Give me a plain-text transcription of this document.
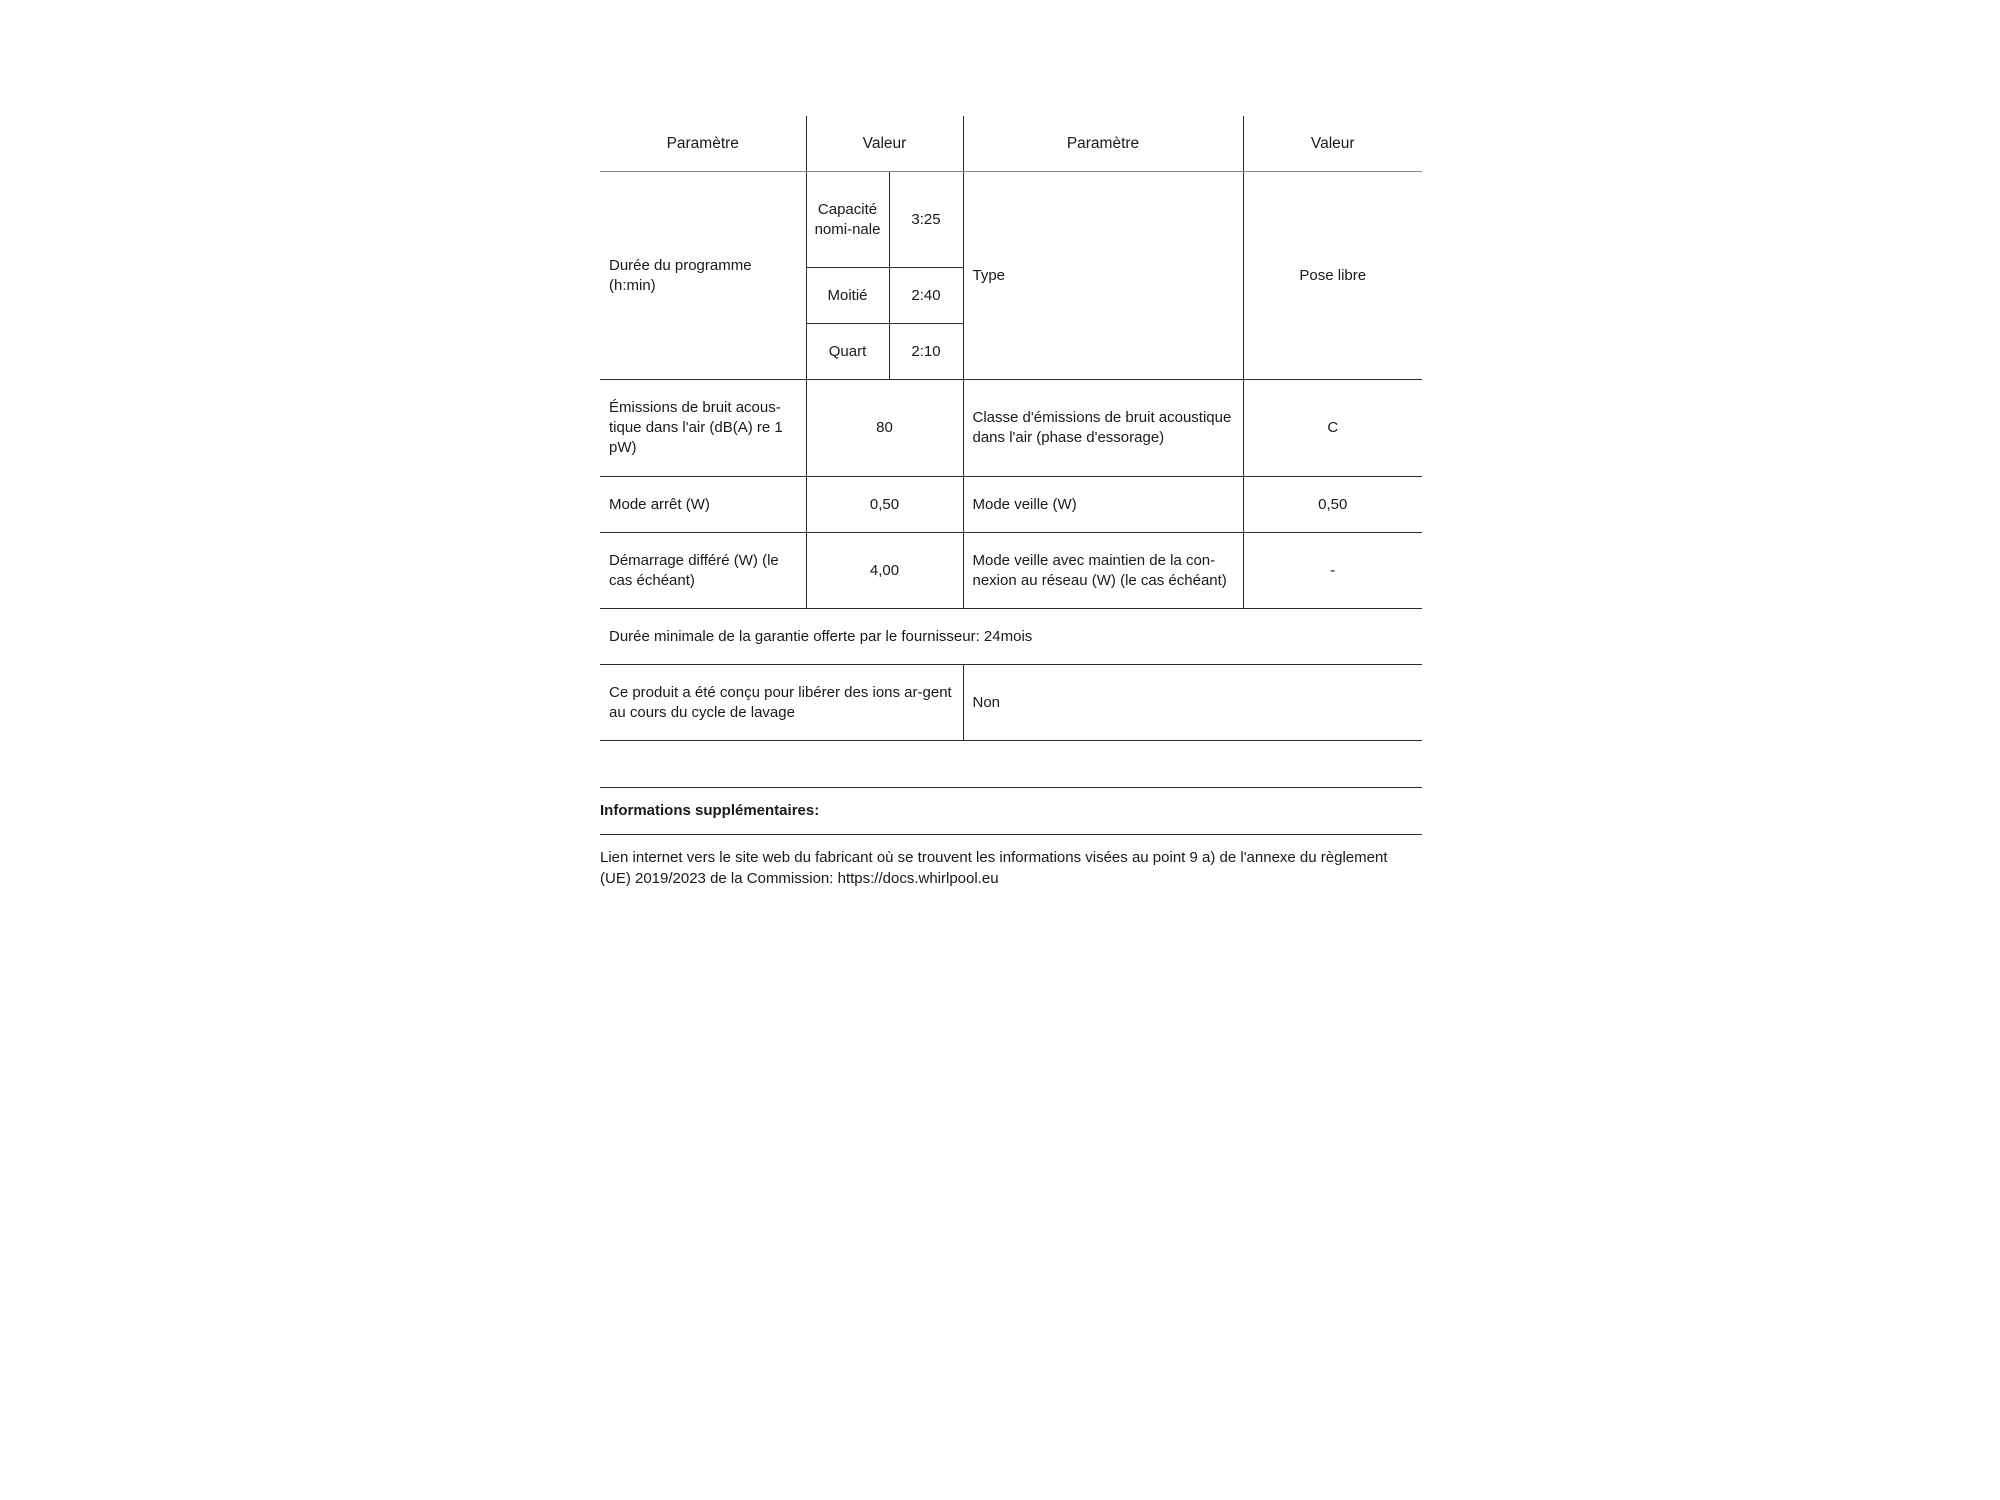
Paramètre	Valeur		Paramètre	Valeur
Durée du programme (h:min)	Capacité nomi-nale	3:25	Type	Pose libre
	Moitié	2:40		
	Quart	2:10		
Émissions de bruit acous-tique dans l'air (dB(A) re 1 pW)	80		Classe d'émissions de bruit acoustique dans l'air (phase d'essorage)	C
Mode arrêt (W)	0,50		Mode veille (W)	0,50
Démarrage différé (W) (le cas échéant)	4,00		Mode veille avec maintien de la con-nexion au réseau (W) (le cas échéant)	-
Durée minimale de la garantie offerte par le fournisseur: 24mois				
Ce produit a été conçu pour libérer des ions ar-gent au cours du cycle de lavage			Non	
Informations supplémentaires:
Lien internet vers le site web du fabricant où se trouvent les informations visées au point 9 a) de l'annexe du règlement (UE) 2019/2023 de la Commission: https://docs.whirlpool.eu
